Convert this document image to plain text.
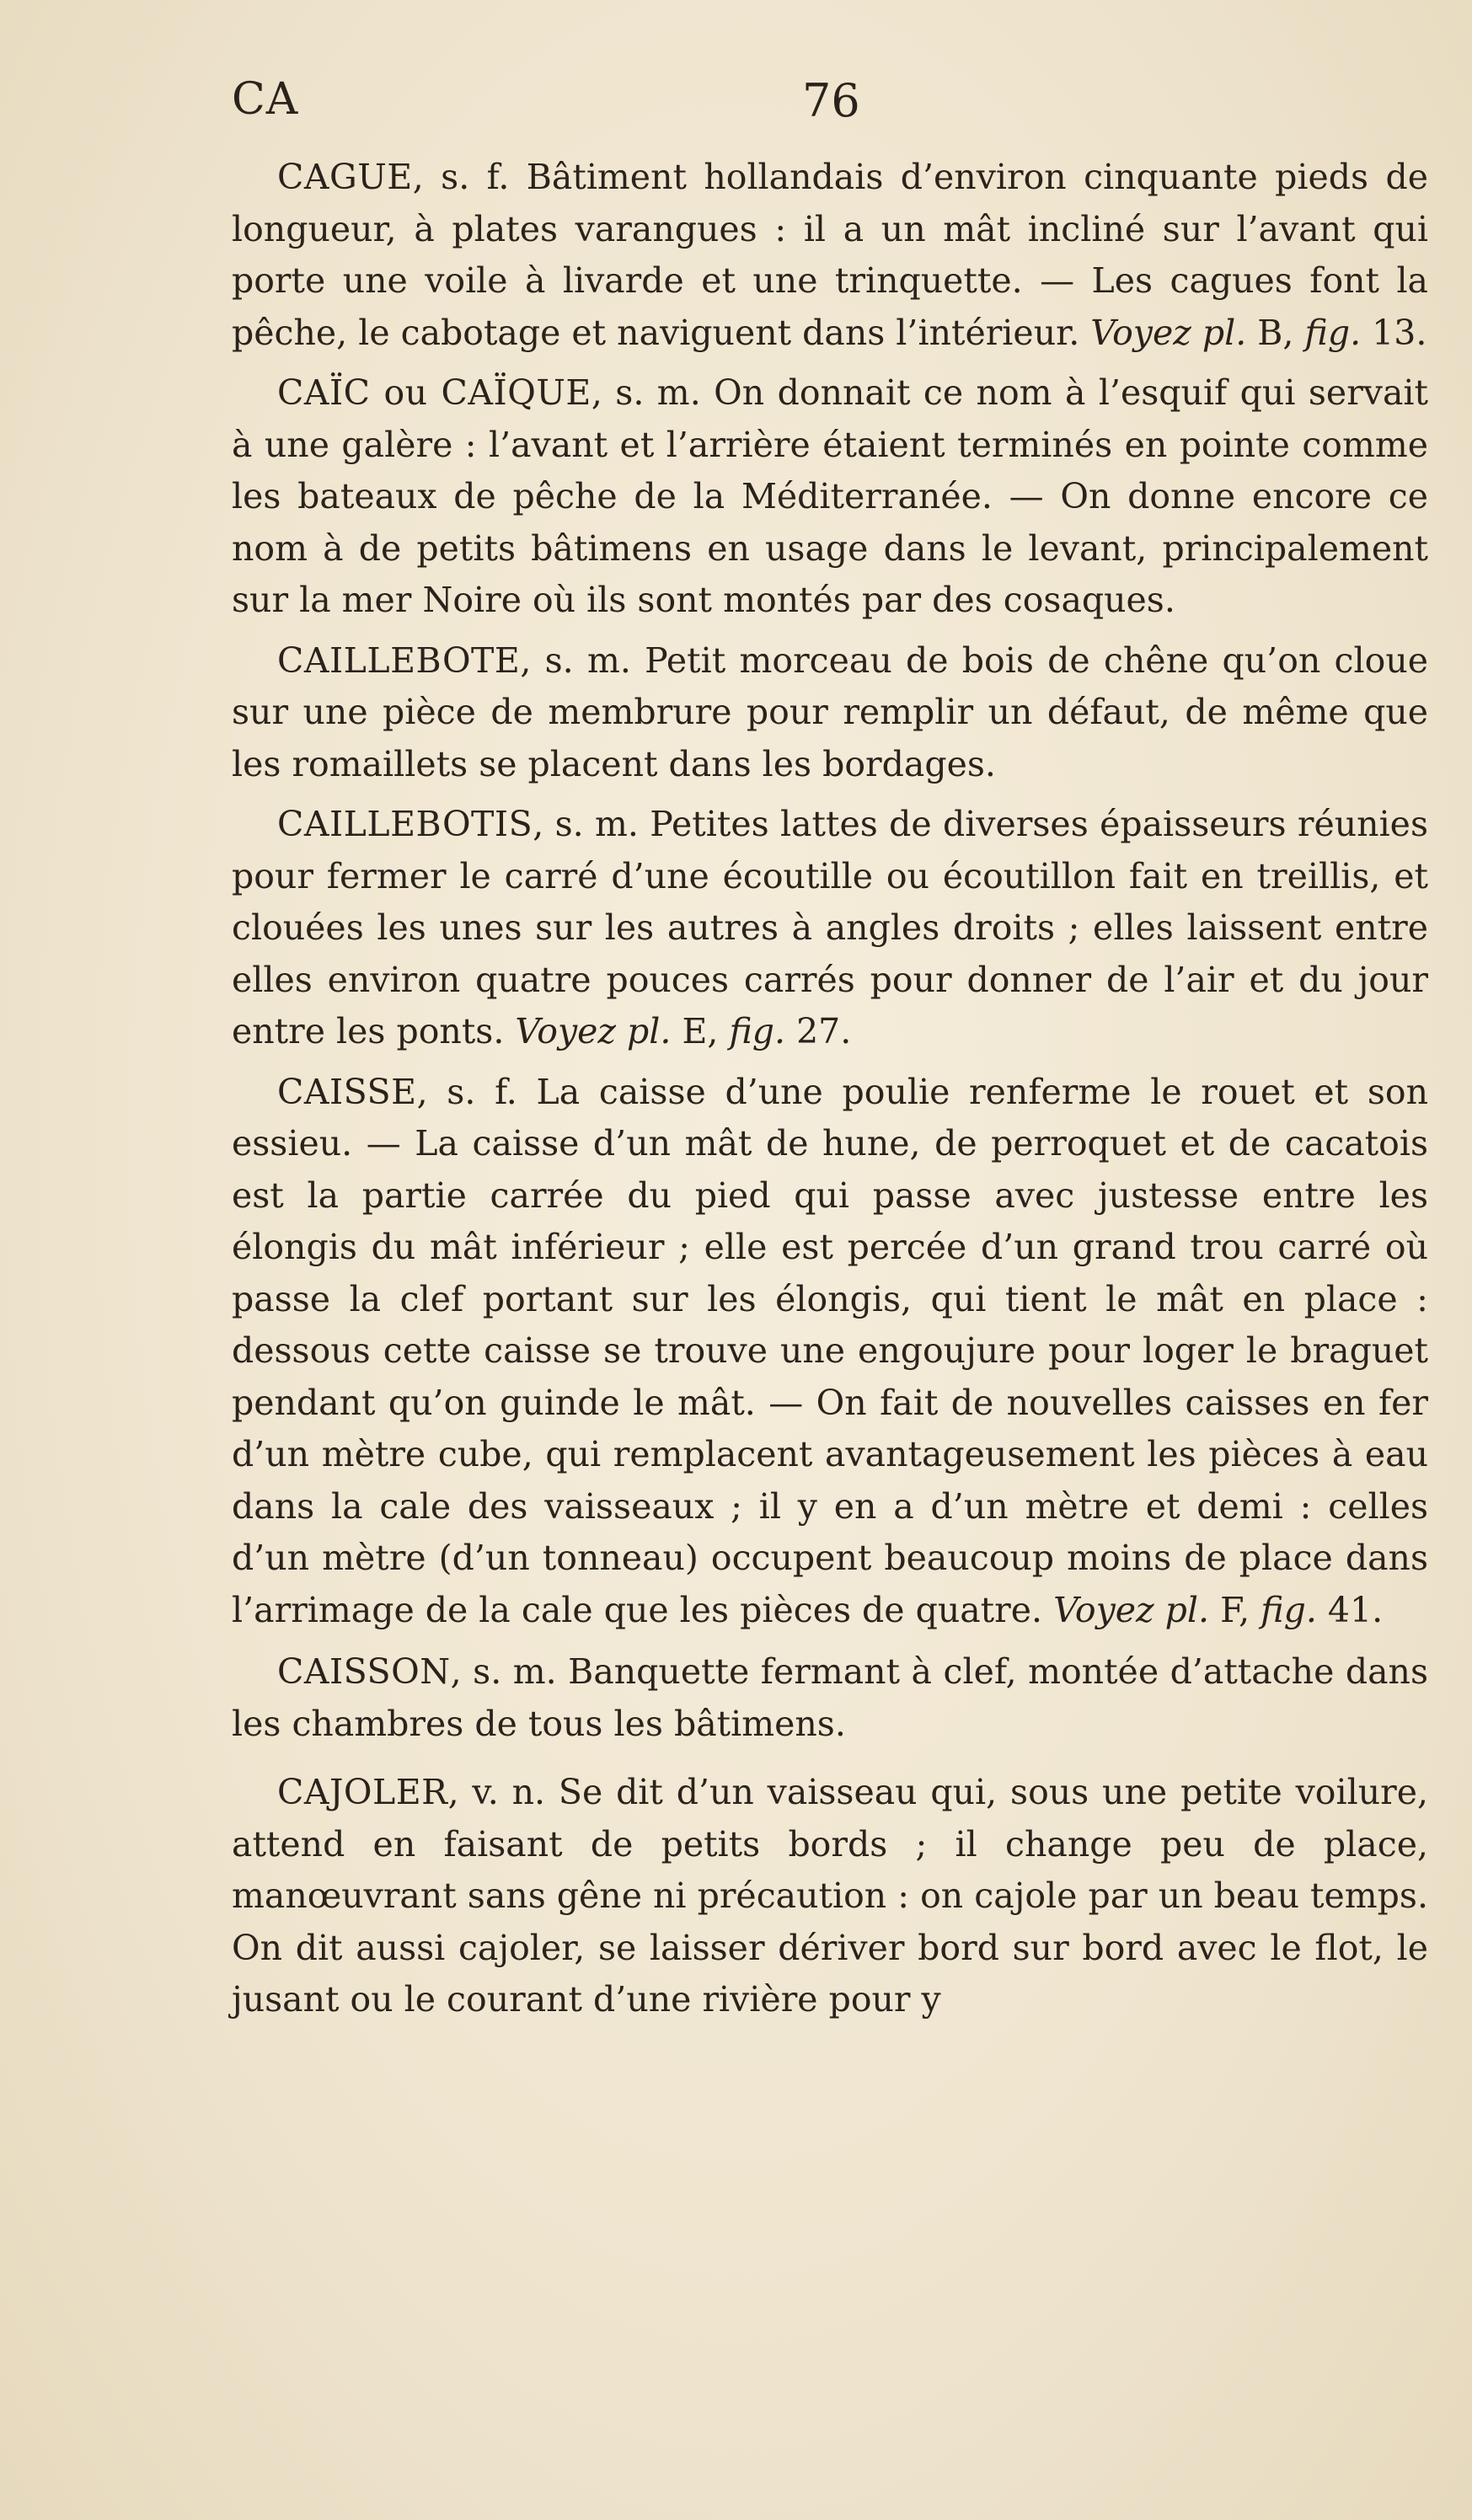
CA	76

CAGUE, s. f. Bâtiment hollandais d’environ cinquante pieds de longueur, à plates varangues : il a un mât incliné sur l’avant qui porte une voile à livarde et une trinquette. — Les cagues font la pêche, le cabotage et naviguent dans l’intérieur. Voyez pl. B, fig. 13.

CAÏC ou CAÏQUE, s. m. On donnait ce nom à l’esquif qui servait à une galère : l’avant et l’arrière étaient terminés en pointe comme les bateaux de pêche de la Méditerranée. — On donne encore ce nom à de petits bâtimens en usage dans le levant, principalement sur la mer Noire où ils sont montés par des cosaques.

CAILLEBOTE, s. m. Petit morceau de bois de chêne qu’on cloue sur une pièce de membrure pour remplir un défaut, de même que les romaillets se placent dans les bordages.

CAILLEBOTIS, s. m. Petites lattes de diverses épaisseurs réunies pour fermer le carré d’une écoutille ou écoutillon fait en treillis, et clouées les unes sur les autres à angles droits ; elles laissent entre elles environ quatre pouces carrés pour donner de l’air et du jour entre les ponts. Voyez pl. E, fig. 27.

CAISSE, s. f. La caisse d’une poulie renferme le rouet et son essieu. — La caisse d’un mât de hune, de perroquet et de cacatois est la partie carrée du pied qui passe avec justesse entre les élongis du mât inférieur ; elle est percée d’un grand trou carré où passe la clef portant sur les élongis, qui tient le mât en place : dessous cette caisse se trouve une engoujure pour loger le braguet pendant qu’on guinde le mât. — On fait de nouvelles caisses en fer d’un mètre cube, qui remplacent avantageusement les pièces à eau dans la cale des vaisseaux ; il y en a d’un mètre et demi : celles d’un mètre (d’un tonneau) occupent beaucoup moins de place dans l’arrimage de la cale que les pièces de quatre. Voyez pl. F, fig. 41.

CAISSON, s. m. Banquette fermant à clef, montée d’attache dans les chambres de tous les bâtimens.

CAJOLER, v. n. Se dit d’un vaisseau qui, sous une petite voilure, attend en faisant de petits bords ; il change peu de place, manœuvrant sans gêne ni précaution : on cajole par un beau temps. On dit aussi cajoler, se laisser dériver bord sur bord avec le flot, le jusant ou le courant d’une rivière pour y
